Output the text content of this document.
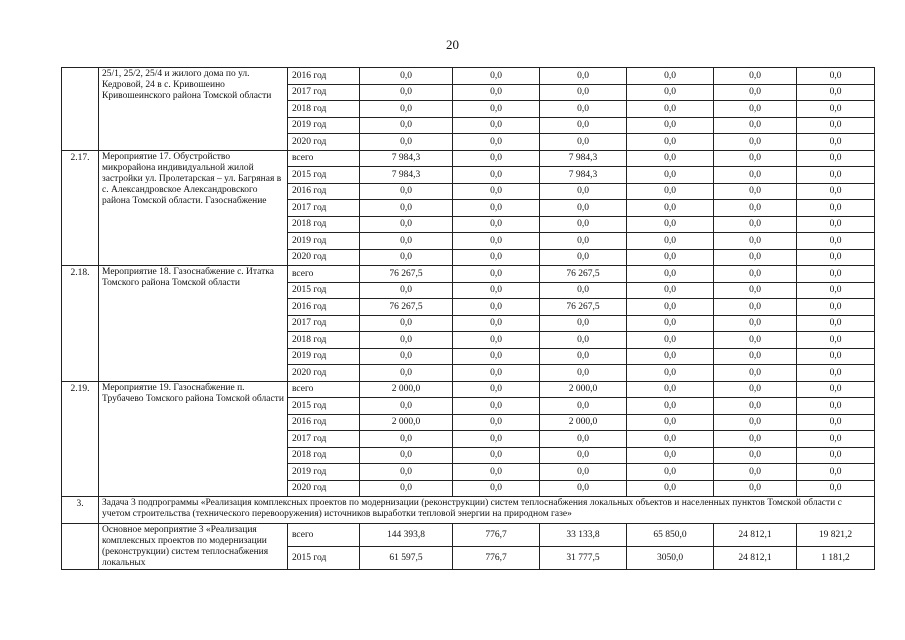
20
	25/1, 25/2, 25/4 и жилого дома по ул. Кедровой, 24 в с. Кривошеино Кривошеинского района Томской области	2016 год	0,0	0,0	0,0	0,0	0,0	0,0
		2017 год	0,0	0,0	0,0	0,0	0,0	0,0
		2018 год	0,0	0,0	0,0	0,0	0,0	0,0
		2019 год	0,0	0,0	0,0	0,0	0,0	0,0
		2020 год	0,0	0,0	0,0	0,0	0,0	0,0
2.17.	Мероприятие 17. Обустройство микрорайона индивидуальной жилой застройки ул. Пролетарская – ул. Багряная в с. Александровское Александровского района Томской области. Газоснабжение	всего	7 984,3	0,0	7 984,3	0,0	0,0	0,0
		2015 год	7 984,3	0,0	7 984,3	0,0	0,0	0,0
		2016 год	0,0	0,0	0,0	0,0	0,0	0,0
		2017 год	0,0	0,0	0,0	0,0	0,0	0,0
		2018 год	0,0	0,0	0,0	0,0	0,0	0,0
		2019 год	0,0	0,0	0,0	0,0	0,0	0,0
		2020 год	0,0	0,0	0,0	0,0	0,0	0,0
2.18.	Мероприятие 18. Газоснабжение с. Итатка Томского района Томской области	всего	76 267,5	0,0	76 267,5	0,0	0,0	0,0
		2015 год	0,0	0,0	0,0	0,0	0,0	0,0
		2016 год	76 267,5	0,0	76 267,5	0,0	0,0	0,0
		2017 год	0,0	0,0	0,0	0,0	0,0	0,0
		2018 год	0,0	0,0	0,0	0,0	0,0	0,0
		2019 год	0,0	0,0	0,0	0,0	0,0	0,0
		2020 год	0,0	0,0	0,0	0,0	0,0	0,0
2.19.	Мероприятие 19. Газоснабжение п. Трубачево Томского района Томской области	всего	2 000,0	0,0	2 000,0	0,0	0,0	0,0
		2015 год	0,0	0,0	0,0	0,0	0,0	0,0
		2016 год	2 000,0	0,0	2 000,0	0,0	0,0	0,0
		2017 год	0,0	0,0	0,0	0,0	0,0	0,0
		2018 год	0,0	0,0	0,0	0,0	0,0	0,0
		2019 год	0,0	0,0	0,0	0,0	0,0	0,0
		2020 год	0,0	0,0	0,0	0,0	0,0	0,0
3.	Задача 3 подпрограммы «Реализация комплексных проектов по модернизации (реконструкции) систем теплоснабжения локальных объектов и населенных пунктов Томской области с учетом строительства (технического перевооружения) источников выработки тепловой энергии на природном газе»							
	Основное мероприятие 3 «Реализация комплексных проектов по модернизации (реконструкции) систем теплоснабжения локальных	всего	144 393,8	776,7	33 133,8	65 850,0	24 812,1	19 821,2
		2015 год	61 597,5	776,7	31 777,5	3050,0	24 812,1	1 181,2
